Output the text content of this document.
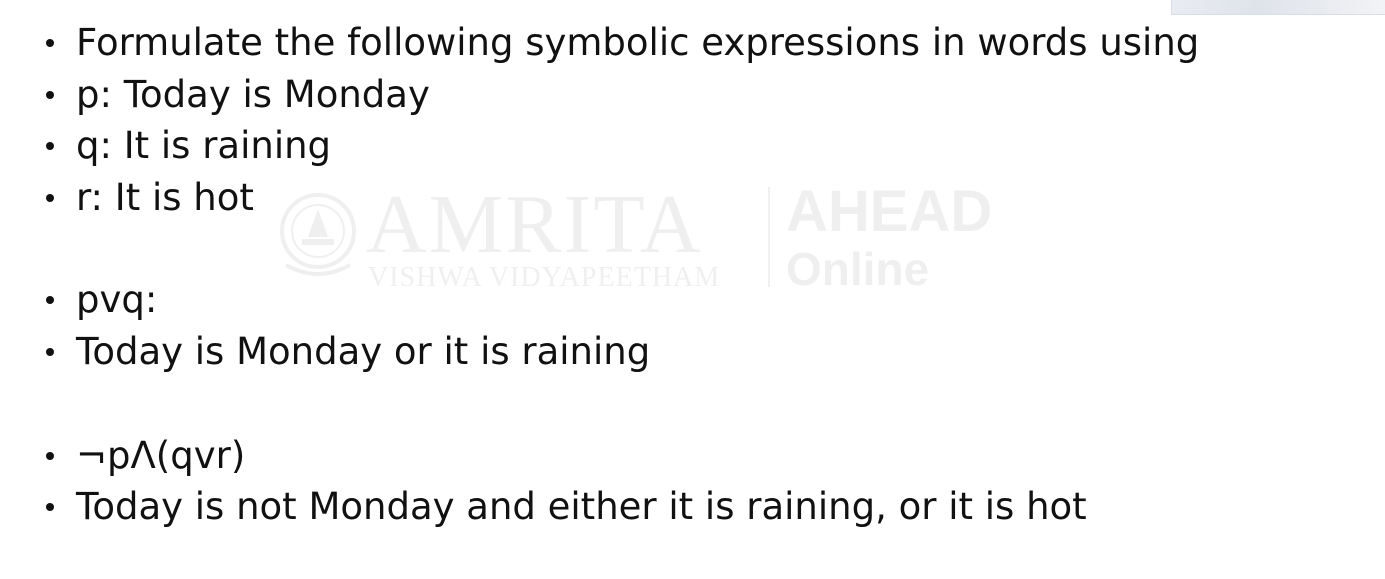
AMRITA
VISHWA VIDYAPEETHAM
AHEAD
Online
Formulate the following symbolic expressions in words using
p: Today is Monday
q: It is raining
r: It is hot
pvq:
Today is Monday or it is raining
¬pΛ(qvr)
Today is not Monday and either it is raining, or it is hot
